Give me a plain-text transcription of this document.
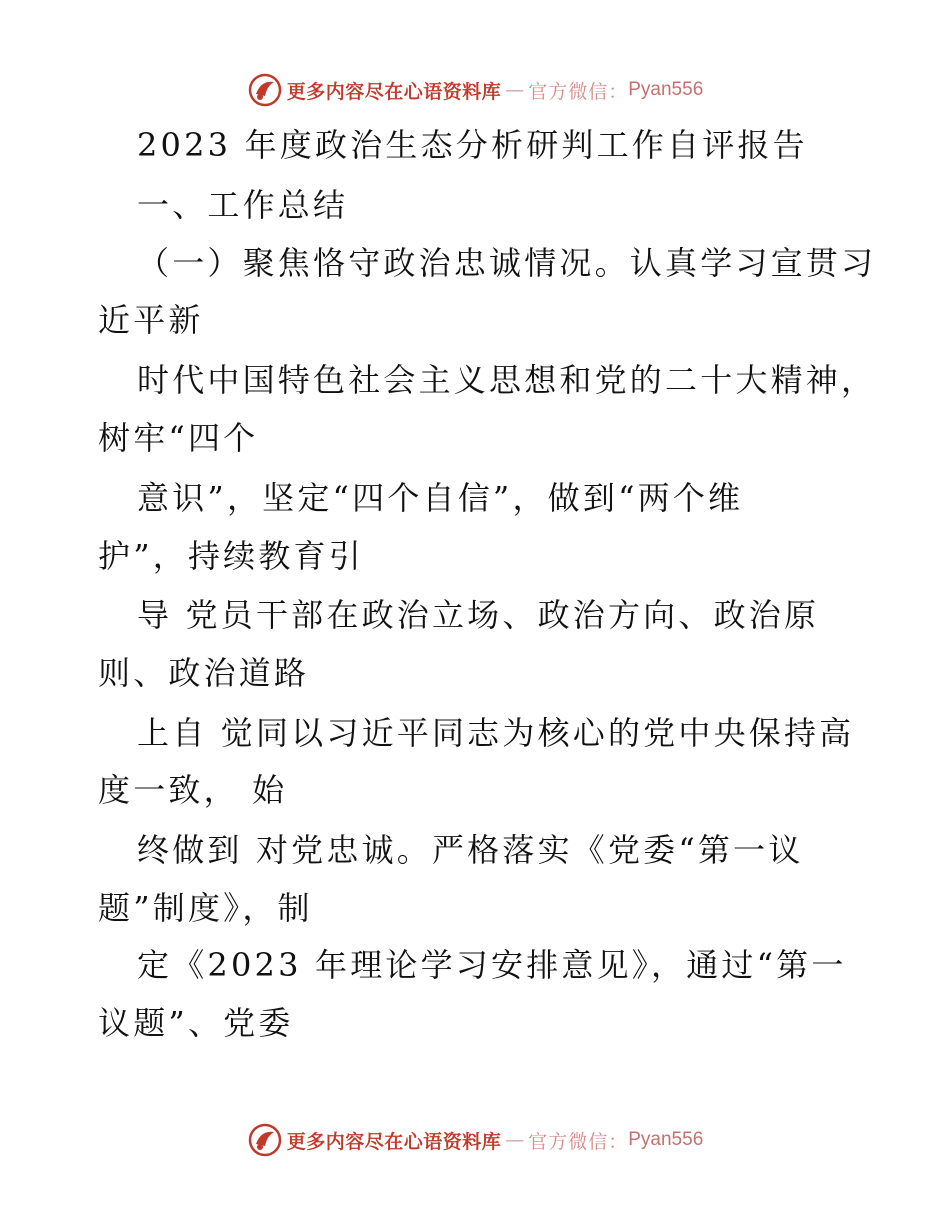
更多内容尽在心语资料库 — 官方微信： Pyan556
2023 年度政治生态分析研判工作自评报告
一、工作总结
（一）聚焦恪守政治忠诚情况。认真学习宣贯习
近平新
时代中国特色社会主义思想和党的二十大精神，
树牢“四个
意识”，坚定“四个自信”，做到“两个维
护”，持续教育引
导 党员干部在政治立场、政治方向、政治原
则、政治道路
上自 觉同以习近平同志为核心的党中央保持高
度一致， 始
终做到 对党忠诚。严格落实《党委“第一议
题”制度》，制
定《2023 年理论学习安排意见》，通过“第一
议题”、党委
更多内容尽在心语资料库 — 官方微信： Pyan556
